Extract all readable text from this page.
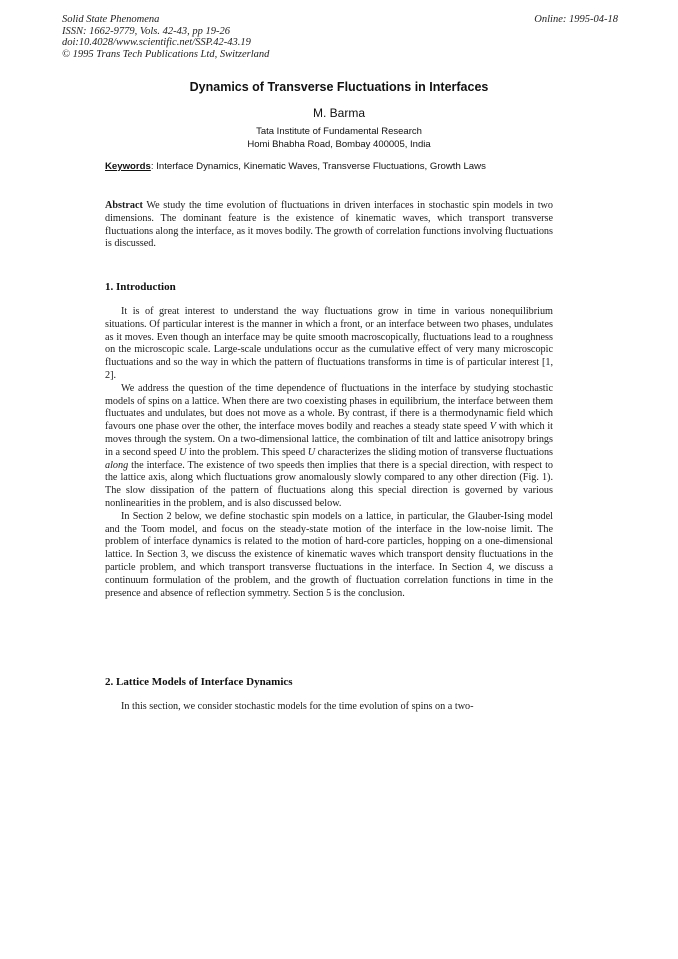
Solid State Phenomena
ISSN: 1662-9779, Vols. 42-43, pp 19-26
doi:10.4028/www.scientific.net/SSP.42-43.19
© 1995 Trans Tech Publications Ltd, Switzerland
Online: 1995-04-18
Dynamics of Transverse Fluctuations in Interfaces
M. Barma
Tata Institute of Fundamental Research
Homi Bhabha Road, Bombay 400005, India
Keywords: Interface Dynamics, Kinematic Waves, Transverse Fluctuations, Growth Laws

Abstract We study the time evolution of fluctuations in driven interfaces in stochastic spin models in two dimensions. The dominant feature is the existence of kinematic waves, which transport transverse fluctuations along the interface, as it moves bodily. The growth of correlation functions involving fluctuations is discussed.

1. Introduction

It is of great interest to understand the way fluctuations grow in time in various nonequilibrium situations. Of particular interest is the manner in which a front, or an interface between two phases, undulates as it moves. Even though an interface may be quite smooth macroscopically, fluctuations lead to a roughness on the microscopic scale. Large-scale undulations occur as the cumulative effect of very many microscopic fluctuations and so the way in which the pattern of fluctuations transforms in time is of particular interest [1, 2].

We address the question of the time dependence of fluctuations in the interface by studying stochastic models of spins on a lattice. When there are two coexisting phases in equilibrium, the interface between them fluctuates and undulates, but does not move as a whole. By contrast, if there is a thermodynamic field which favours one phase over the other, the interface moves bodily and reaches a steady state speed V with which it moves through the system. On a two-dimensional lattice, the combination of tilt and lattice anisotropy brings in a second speed U into the problem. This speed U characterizes the sliding motion of transverse fluctuations along the interface. The existence of two speeds then implies that there is a special direction, with respect to the lattice axis, along which fluctuations grow anomalously slowly compared to any other direction (Fig. 1). The slow dissipation of the pattern of fluctuations along this special direction is governed by various nonlinearities in the problem, and is also discussed below.

In Section 2 below, we define stochastic spin models on a lattice, in particular, the Glauber-Ising model and the Toom model, and focus on the steady-state motion of the interface in the low-noise limit. The problem of interface dynamics is related to the motion of hard-core particles, hopping on a one-dimensional lattice. In Section 3, we discuss the existence of kinematic waves which transport density fluctuations in the particle problem, and which transport transverse fluctuations in the interface. In Section 4, we discuss a continuum formulation of the problem, and the growth of fluctuation correlation functions in time in the presence and absence of reflection symmetry. Section 5 is the conclusion.

2. Lattice Models of Interface Dynamics

In this section, we consider stochastic models for the time evolution of spins on a two-
